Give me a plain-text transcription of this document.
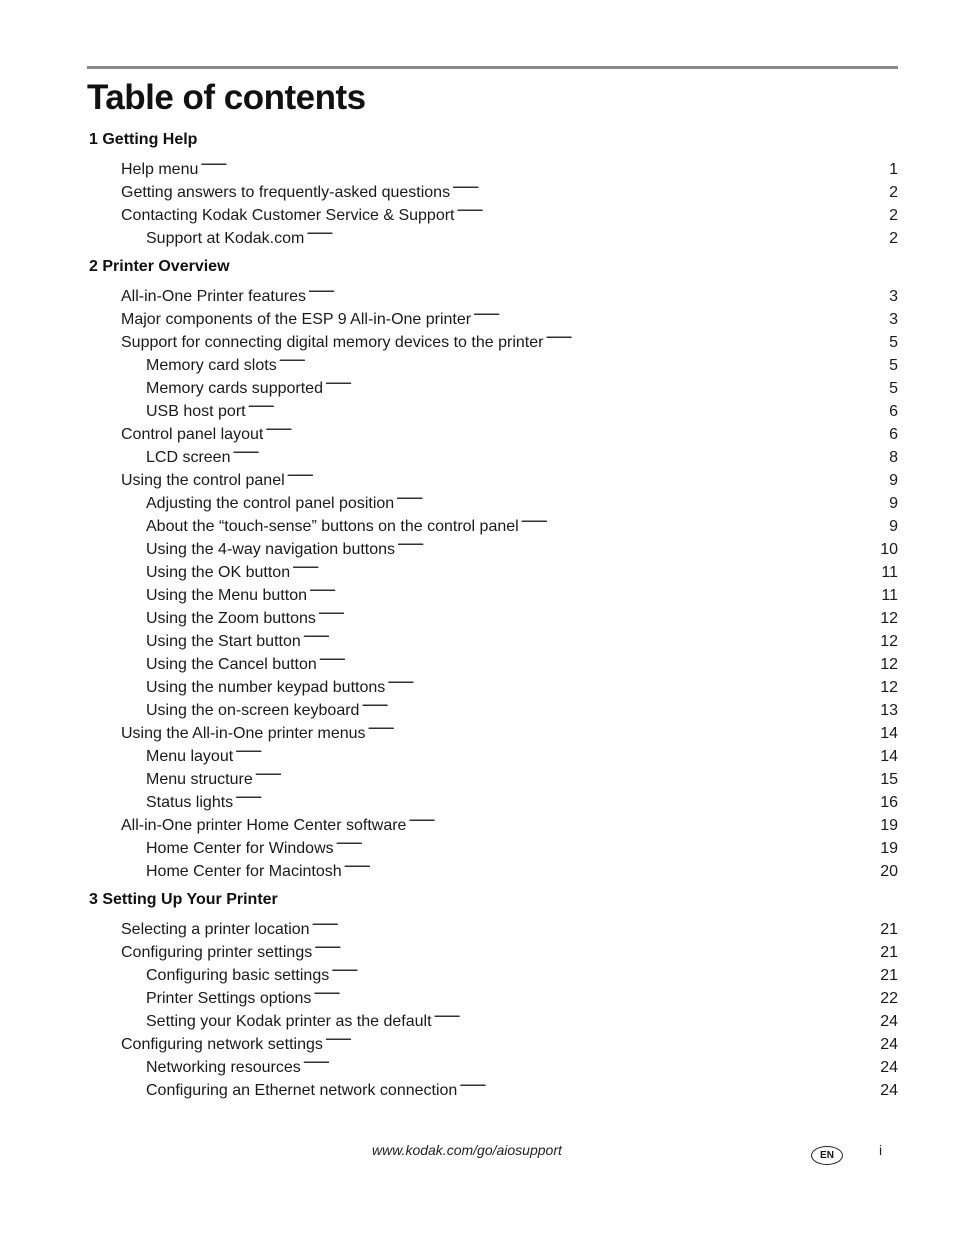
Table of contents
1 Getting Help
Help menu . . .	1
Getting answers to frequently-asked questions . . .	2
Contacting Kodak Customer Service & Support . . .	2
Support at Kodak.com . . .	2
2 Printer Overview
All-in-One Printer features . . .	3
Major components of the ESP 9 All-in-One printer . . .	3
Support for connecting digital memory devices to the printer . . .	5
Memory card slots . . .	5
Memory cards supported . . .	5
USB host port . . .	6
Control panel layout . . .	6
LCD screen . . .	8
Using the control panel . . .	9
Adjusting the control panel position . . .	9
About the “touch-sense” buttons on the control panel . . .	9
Using the 4-way navigation buttons . . .	10
Using the OK button . . .	11
Using the Menu button . . .	11
Using the Zoom buttons . . .	12
Using the Start button . . .	12
Using the Cancel button . . .	12
Using the number keypad buttons . . .	12
Using the on-screen keyboard . . .	13
Using the All-in-One printer menus . . .	14
Menu layout . . .	14
Menu structure . . .	15
Status lights . . .	16
All-in-One printer Home Center software . . .	19
Home Center for Windows . . .	19
Home Center for Macintosh . . .	20
3 Setting Up Your Printer
Selecting a printer location . . .	21
Configuring printer settings . . .	21
Configuring basic settings . . .	21
Printer Settings options . . .	22
Setting your Kodak printer as the default . . .	24
Configuring network settings . . .	24
Networking resources . . .	24
Configuring an Ethernet network connection . . .	24
www.kodak.com/go/aiosupport	EN	i
